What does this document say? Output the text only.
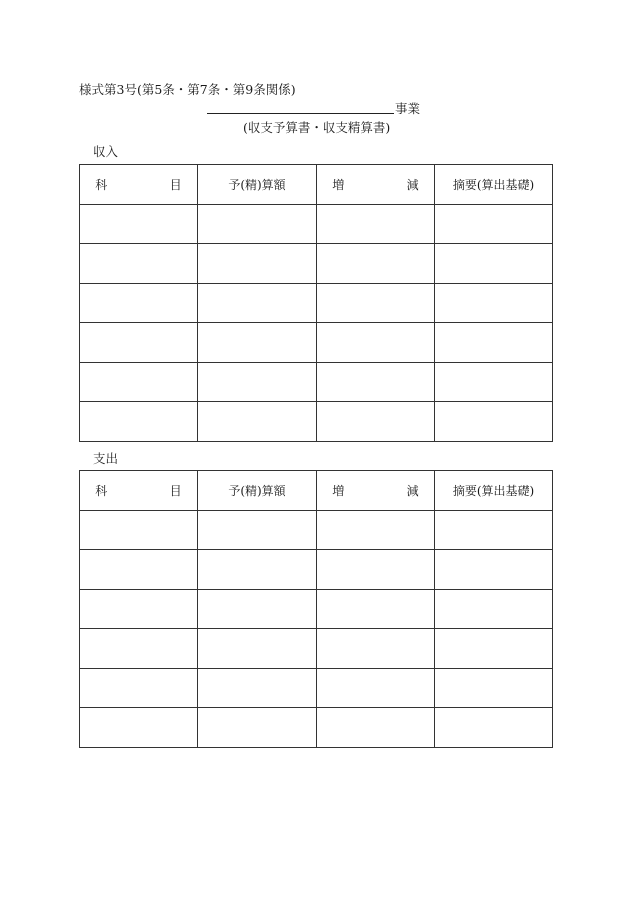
様式第3号(第5条・第7条・第9条関係)
事業
(収支予算書・収支精算書)
収入
科　目	予(精)算額	増　減	摘要(算出基礎)

支出
科　目	予(精)算額	増　減	摘要(算出基礎)
